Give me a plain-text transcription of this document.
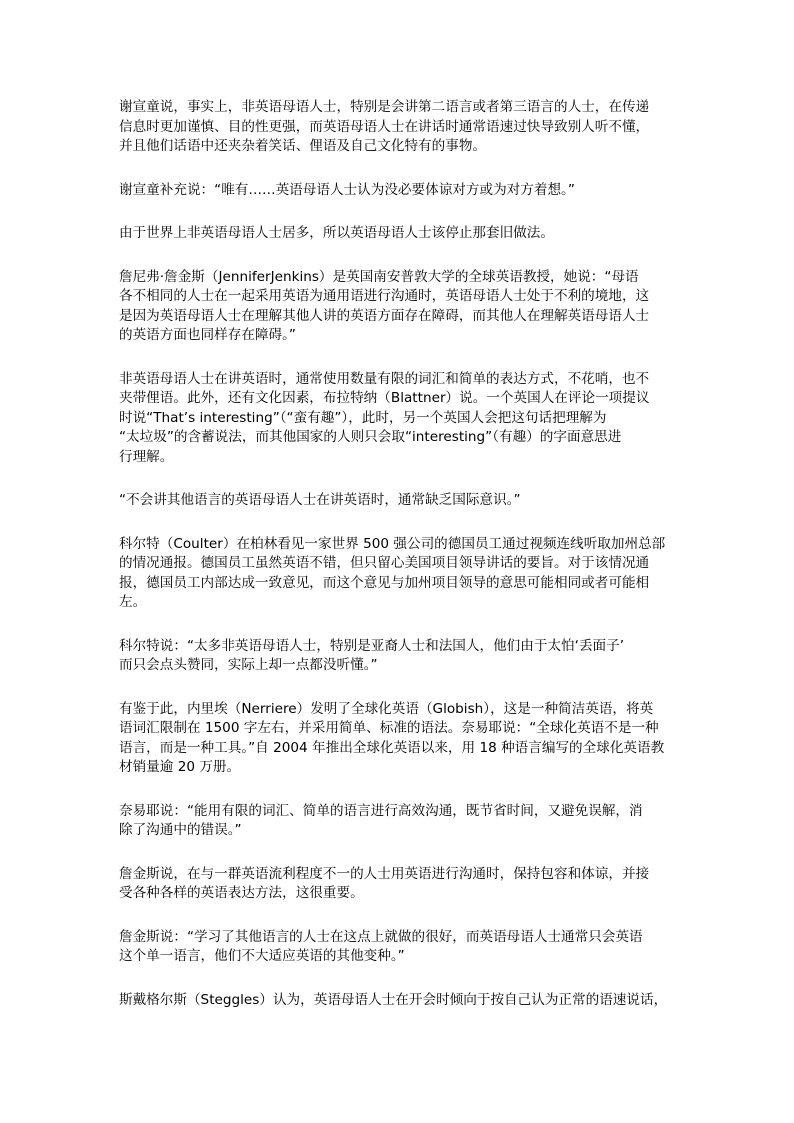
谢宣童说，事实上，非英语母语人士，特别是会讲第二语言或者第三语言的人士，在传递
信息时更加谨慎、目的性更强，而英语母语人士在讲话时通常语速过快导致别人听不懂，
并且他们话语中还夹杂着笑话、俚语及自己文化特有的事物。
谢宣童补充说：“唯有……英语母语人士认为没必要体谅对方或为对方着想。”
由于世界上非英语母语人士居多，所以英语母语人士该停止那套旧做法。
詹尼弗·詹金斯（JenniferJenkins）是英国南安普敦大学的全球英语教授，她说：“母语
各不相同的人士在一起采用英语为通用语进行沟通时，英语母语人士处于不利的境地，这
是因为英语母语人士在理解其他人讲的英语方面存在障碍，而其他人在理解英语母语人士
的英语方面也同样存在障碍。”
非英语母语人士在讲英语时，通常使用数量有限的词汇和简单的表达方式，不花哨，也不
夹带俚语。此外，还有文化因素，布拉特纳（Blattner）说。一个英国人在评论一项提议
时说“That’s interesting”（“蛮有趣”），此时，另一个英国人会把这句话把理解为
“太垃圾”的含蓄说法，而其他国家的人则只会取“interesting”（有趣）的字面意思进
行理解。
“不会讲其他语言的英语母语人士在讲英语时，通常缺乏国际意识。”
科尔特（Coulter）在柏林看见一家世界 500 强公司的德国员工通过视频连线听取加州总部
的情况通报。德国员工虽然英语不错，但只留心美国项目领导讲话的要旨。对于该情况通
报，德国员工内部达成一致意见，而这个意见与加州项目领导的意思可能相同或者可能相
左。
科尔特说：“太多非英语母语人士，特别是亚裔人士和法国人，他们由于太怕‘丢面子’
而只会点头赞同，实际上却一点都没听懂。”
有鉴于此，内里埃（Nerriere）发明了全球化英语（Globish），这是一种简洁英语，将英
语词汇限制在 1500 字左右，并采用简单、标准的语法。奈易耶说：“全球化英语不是一种
语言，而是一种工具。”自 2004 年推出全球化英语以来，用 18 种语言编写的全球化英语教
材销量逾 20 万册。
奈易耶说：“能用有限的词汇、简单的语言进行高效沟通，既节省时间，又避免误解，消
除了沟通中的错误。”
詹金斯说，在与一群英语流利程度不一的人士用英语进行沟通时，保持包容和体谅，并接
受各种各样的英语表达方法，这很重要。
詹金斯说：“学习了其他语言的人士在这点上就做的很好，而英语母语人士通常只会英语
这个单一语言，他们不大适应英语的其他变种。”
斯戴格尔斯（Steggles）认为，英语母语人士在开会时倾向于按自己认为正常的语速说话，
